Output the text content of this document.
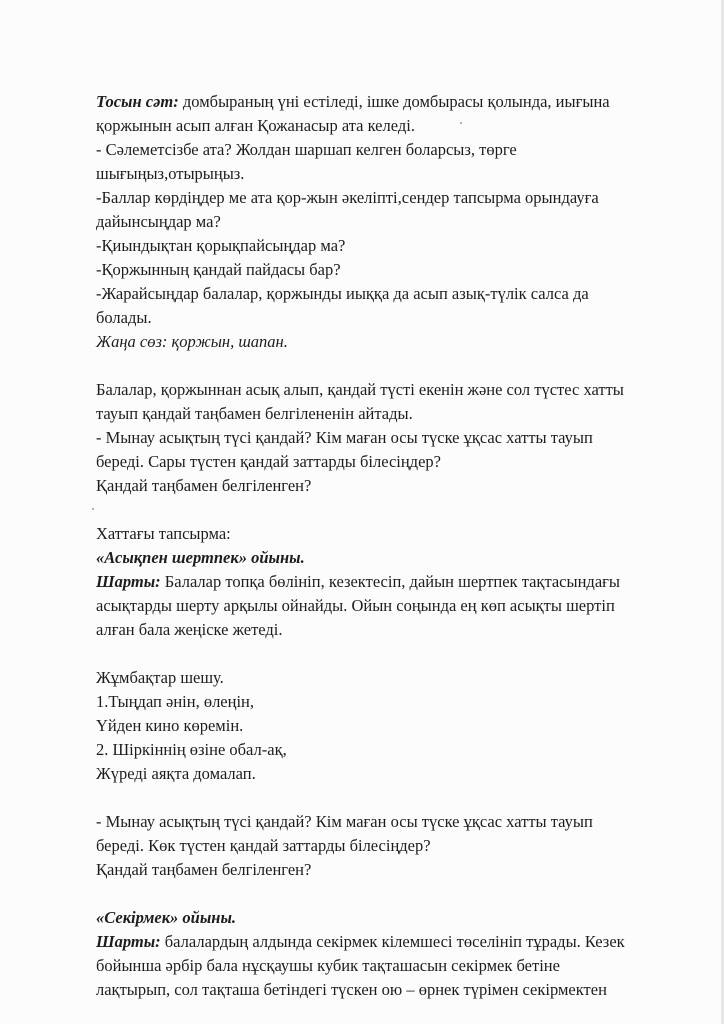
Тосын сәт: домбыраның үні естіледі, ішке домбырасы қолында, иығына
қоржынын асып алған Қожанасыр ата келеді.
- Сәлеметсізбе ата? Жолдан шаршап келген боларсыз, төрге
шығыңыз,отырыңыз.
-Баллар көрдіңдер ме ата қор-жын әкеліпті,сендер тапсырма орындауға
дайынсыңдар ма?
-Қиындықтан қорықпайсыңдар ма?
-Қоржынның қандай пайдасы бар?
-Жарайсыңдар балалар, қоржынды иыққа да асып азық-түлік салса да
болады.
Жаңа сөз: қоржын, шапан.
Балалар, қоржыннан асық алып, қандай түсті екенін және сол түстес хатты
тауып қандай таңбамен белгілененін айтады.
- Мынау асықтың түсі қандай? Кім маған осы түске ұқсас хатты тауып
береді. Сары түстен қандай заттарды білесіңдер?
Қандай таңбамен белгіленген?
Хаттағы тапсырма:
«Асықпен шертпек» ойыны.
Шарты: Балалар топқа бөлініп, кезектесіп, дайын шертпек тақтасындағы
асықтарды шерту арқылы ойнайды. Ойын соңында ең көп асықты шертіп
алған бала жеңіске жетеді.
Жұмбақтар шешу.
1.Тыңдап әнін, өлеңін,
Үйден кино көремін.
2. Шіркіннің өзіне обал-ақ,
Жүреді аяқта домалап.
- Мынау асықтың түсі қандай? Кім маған осы түске ұқсас хатты тауып
береді. Көк түстен қандай заттарды білесіңдер?
Қандай таңбамен белгіленген?
«Секірмек» ойыны.
Шарты: балалардың алдында секірмек кілемшесі төселініп тұрады. Кезек
бойынша әрбір бала нұсқаушы кубик тақташасын секірмек бетіне
лақтырып, сол тақташа бетіндегі түскен ою – өрнек түрімен секірмектен
